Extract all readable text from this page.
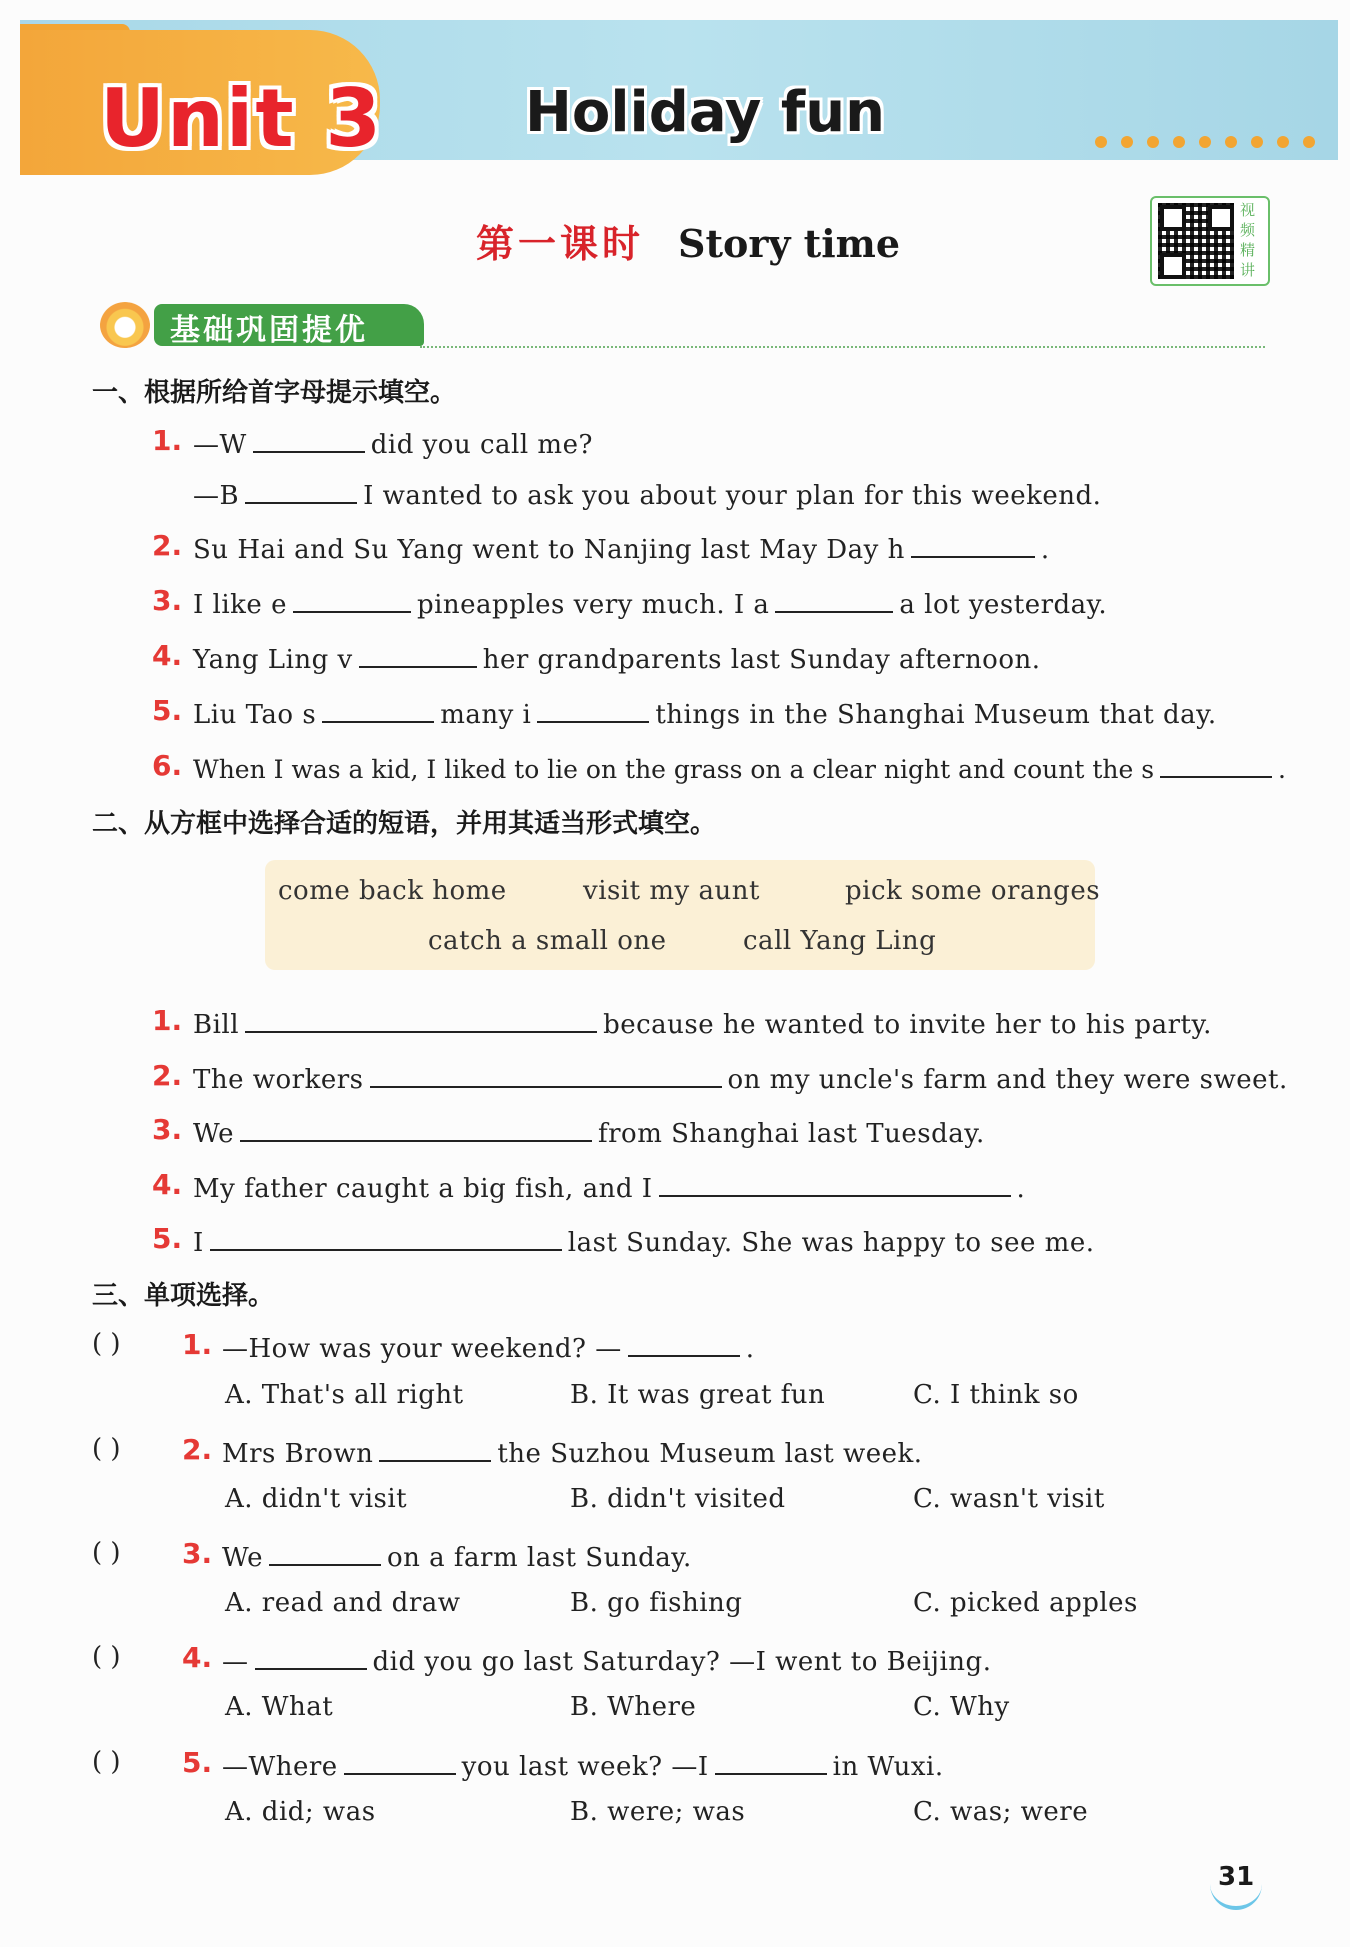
Unit 3	Holiday fun
第一课时 Story time
视频精讲
基础巩固提优
一、根据所给首字母提示填空。
1. —W	did you call me?
—B	I wanted to ask you about your plan for this weekend.
2. Su Hai and Su Yang went to Nanjing last May Day h	.
3. I like e	pineapples very much. I a	a lot yesterday.
4. Yang Ling v	her grandparents last Sunday afternoon.
5. Liu Tao s	many i	things in the Shanghai Museum that day.
6. When I was a kid, I liked to lie on the grass on a clear night and count the s	.
二、从方框中选择合适的短语，并用其适当形式填空。
come back home	visit my aunt	pick some oranges
catch a small one	call Yang Ling
1. Bill	because he wanted to invite her to his party.
2. The workers	on my uncle's farm and they were sweet.
3. We	from Shanghai last Tuesday.
4. My father caught a big fish, and I	.
5. I	last Sunday. She was happy to see me.
三、单项选择。
( ) 1. —How was your weekend? —	.
A. That's all right	B. It was great fun	C. I think so
( ) 2. Mrs Brown	the Suzhou Museum last week.
A. didn't visit	B. didn't visited	C. wasn't visit
( ) 3. We	on a farm last Sunday.
A. read and draw	B. go fishing	C. picked apples
( ) 4. —	did you go last Saturday? —I went to Beijing.
A. What	B. Where	C. Why
( ) 5. —Where	you last week? —I	in Wuxi.
A. did; was	B. were; was	C. was; were
31
